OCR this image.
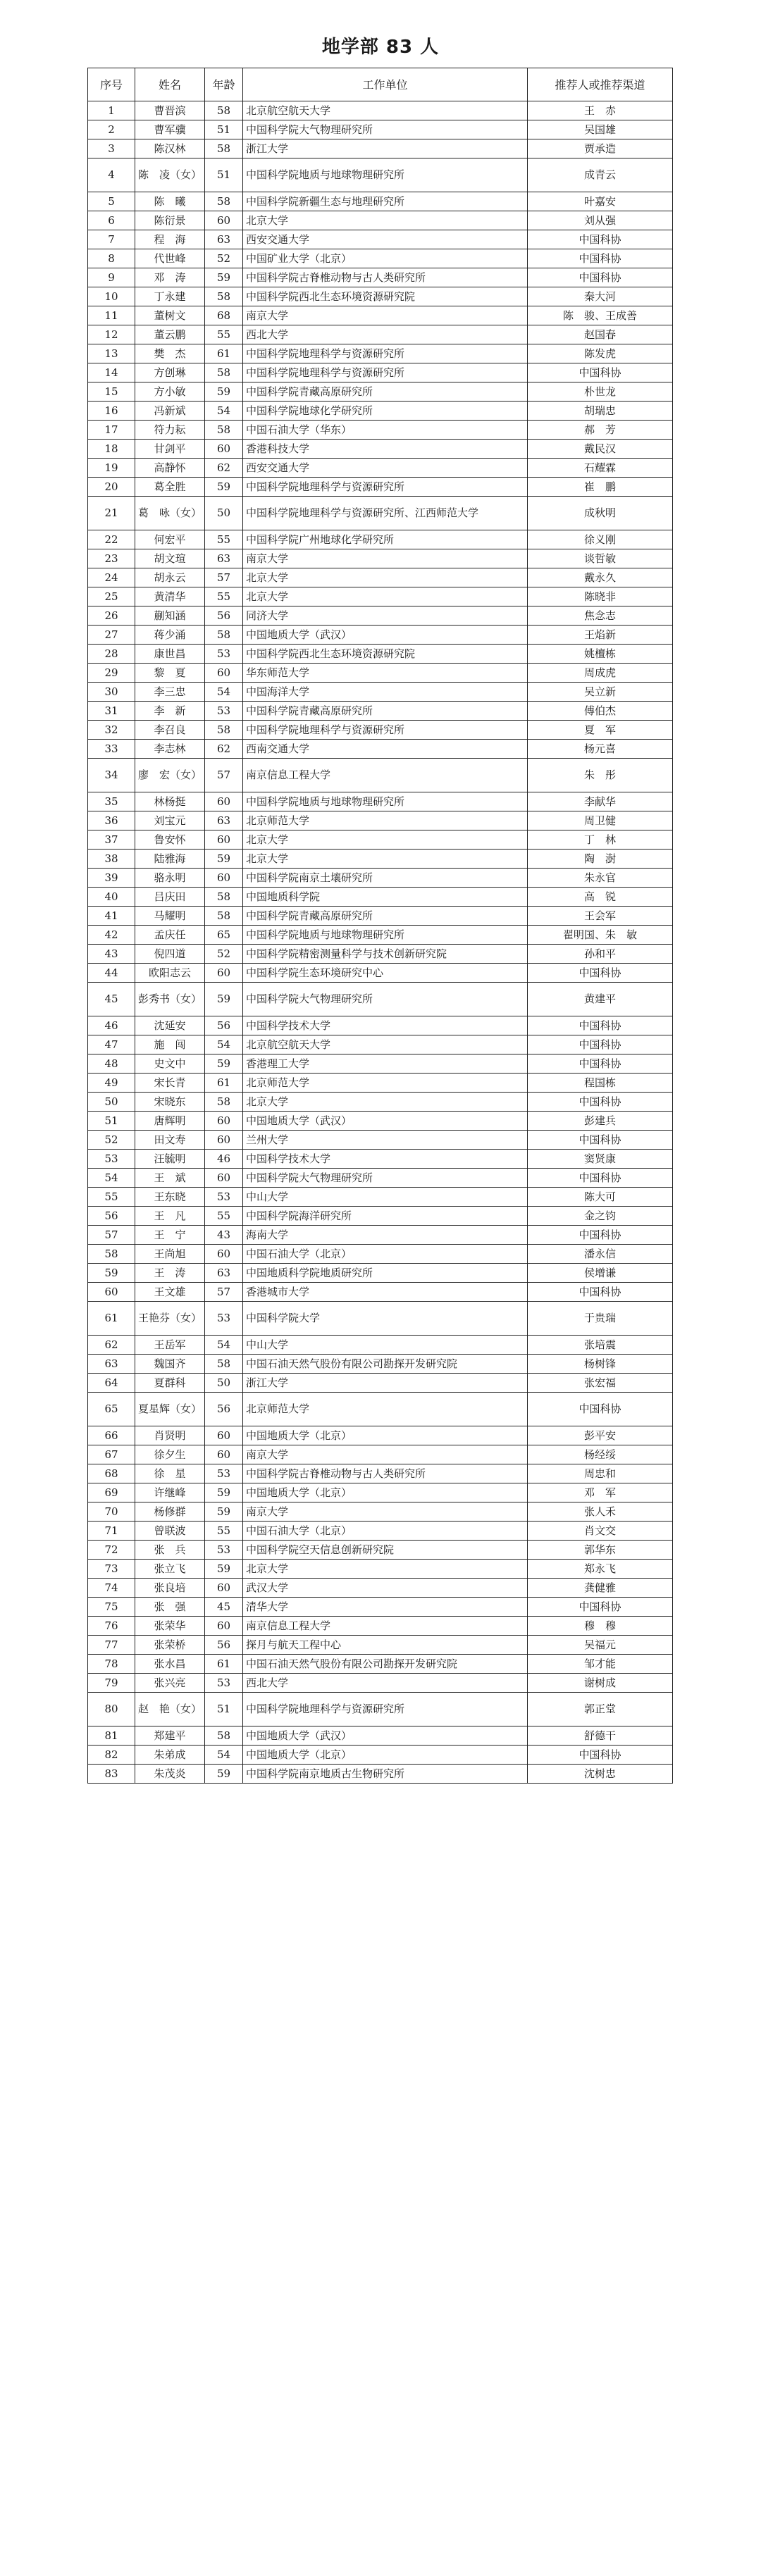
地学部 83 人
序号	姓名	年龄	工作单位	推荐人或推荐渠道
1	曹晋滨	58	北京航空航天大学	王　赤
2	曹军骥	51	中国科学院大气物理研究所	吴国雄
3	陈汉林	58	浙江大学	贾承造
4	陈　凌（女）	51	中国科学院地质与地球物理研究所	成青云
5	陈　曦	58	中国科学院新疆生态与地理研究所	叶嘉安
6	陈衍景	60	北京大学	刘从强
7	程　海	63	西安交通大学	中国科协
8	代世峰	52	中国矿业大学（北京）	中国科协
9	邓　涛	59	中国科学院古脊椎动物与古人类研究所	中国科协
10	丁永建	58	中国科学院西北生态环境资源研究院	秦大河
11	董树文	68	南京大学	陈　骏、王成善
12	董云鹏	55	西北大学	赵国春
13	樊　杰	61	中国科学院地理科学与资源研究所	陈发虎
14	方创琳	58	中国科学院地理科学与资源研究所	中国科协
15	方小敏	59	中国科学院青藏高原研究所	朴世龙
16	冯新斌	54	中国科学院地球化学研究所	胡瑞忠
17	符力耘	58	中国石油大学（华东）	郝　芳
18	甘剑平	60	香港科技大学	戴民汉
19	高静怀	62	西安交通大学	石耀霖
20	葛全胜	59	中国科学院地理科学与资源研究所	崔　鹏
21	葛　咏（女）	50	中国科学院地理科学与资源研究所、江西师范大学	成秋明
22	何宏平	55	中国科学院广州地球化学研究所	徐义刚
23	胡文瑄	63	南京大学	谈哲敏
24	胡永云	57	北京大学	戴永久
25	黄清华	55	北京大学	陈晓非
26	蒯知涵	56	同济大学	焦念志
27	蒋少涌	58	中国地质大学（武汉）	王焰新
28	康世昌	53	中国科学院西北生态环境资源研究院	姚檀栋
29	黎　夏	60	华东师范大学	周成虎
30	李三忠	54	中国海洋大学	吴立新
31	李　新	53	中国科学院青藏高原研究所	傅伯杰
32	李召良	58	中国科学院地理科学与资源研究所	夏　军
33	李志林	62	西南交通大学	杨元喜
34	廖　宏（女）	57	南京信息工程大学	朱　彤
35	林杨挺	60	中国科学院地质与地球物理研究所	李献华
36	刘宝元	63	北京师范大学	周卫健
37	鲁安怀	60	北京大学	丁　林
38	陆雅海	59	北京大学	陶　澍
39	骆永明	60	中国科学院南京土壤研究所	朱永官
40	吕庆田	58	中国地质科学院	高　锐
41	马耀明	58	中国科学院青藏高原研究所	王会军
42	孟庆任	65	中国科学院地质与地球物理研究所	翟明国、朱　敏
43	倪四道	52	中国科学院精密测量科学与技术创新研究院	孙和平
44	欧阳志云	60	中国科学院生态环境研究中心	中国科协
45	彭秀书（女）	59	中国科学院大气物理研究所	黄建平
46	沈延安	56	中国科学技术大学	中国科协
47	施　闯	54	北京航空航天大学	中国科协
48	史文中	59	香港理工大学	中国科协
49	宋长青	61	北京师范大学	程国栋
50	宋晓东	58	北京大学	中国科协
51	唐辉明	60	中国地质大学（武汉）	彭建兵
52	田文寿	60	兰州大学	中国科协
53	汪毓明	46	中国科学技术大学	窦贤康
54	王　斌	60	中国科学院大气物理研究所	中国科协
55	王东晓	53	中山大学	陈大可
56	王　凡	55	中国科学院海洋研究所	金之钧
57	王　宁	43	海南大学	中国科协
58	王尚旭	60	中国石油大学（北京）	潘永信
59	王　涛	63	中国地质科学院地质研究所	侯增谦
60	王文雄	57	香港城市大学	中国科协
61	王艳芬（女）	53	中国科学院大学	于贵瑞
62	王岳军	54	中山大学	张培震
63	魏国齐	58	中国石油天然气股份有限公司勘探开发研究院	杨树锋
64	夏群科	50	浙江大学	张宏福
65	夏星辉（女）	56	北京师范大学	中国科协
66	肖贤明	60	中国地质大学（北京）	彭平安
67	徐夕生	60	南京大学	杨经绥
68	徐　星	53	中国科学院古脊椎动物与古人类研究所	周忠和
69	许继峰	59	中国地质大学（北京）	邓　军
70	杨修群	59	南京大学	张人禾
71	曾联波	55	中国石油大学（北京）	肖文交
72	张　兵	53	中国科学院空天信息创新研究院	郭华东
73	张立飞	59	北京大学	郑永飞
74	张良培	60	武汉大学	龚健雅
75	张　强	45	清华大学	中国科协
76	张荣华	60	南京信息工程大学	穆　穆
77	张荣桥	56	探月与航天工程中心	吴福元
78	张水昌	61	中国石油天然气股份有限公司勘探开发研究院	邹才能
79	张兴亮	53	西北大学	谢树成
80	赵　艳（女）	51	中国科学院地理科学与资源研究所	郭正堂
81	郑建平	58	中国地质大学（武汉）	舒德干
82	朱弟成	54	中国地质大学（北京）	中国科协
83	朱茂炎	59	中国科学院南京地质古生物研究所	沈树忠
